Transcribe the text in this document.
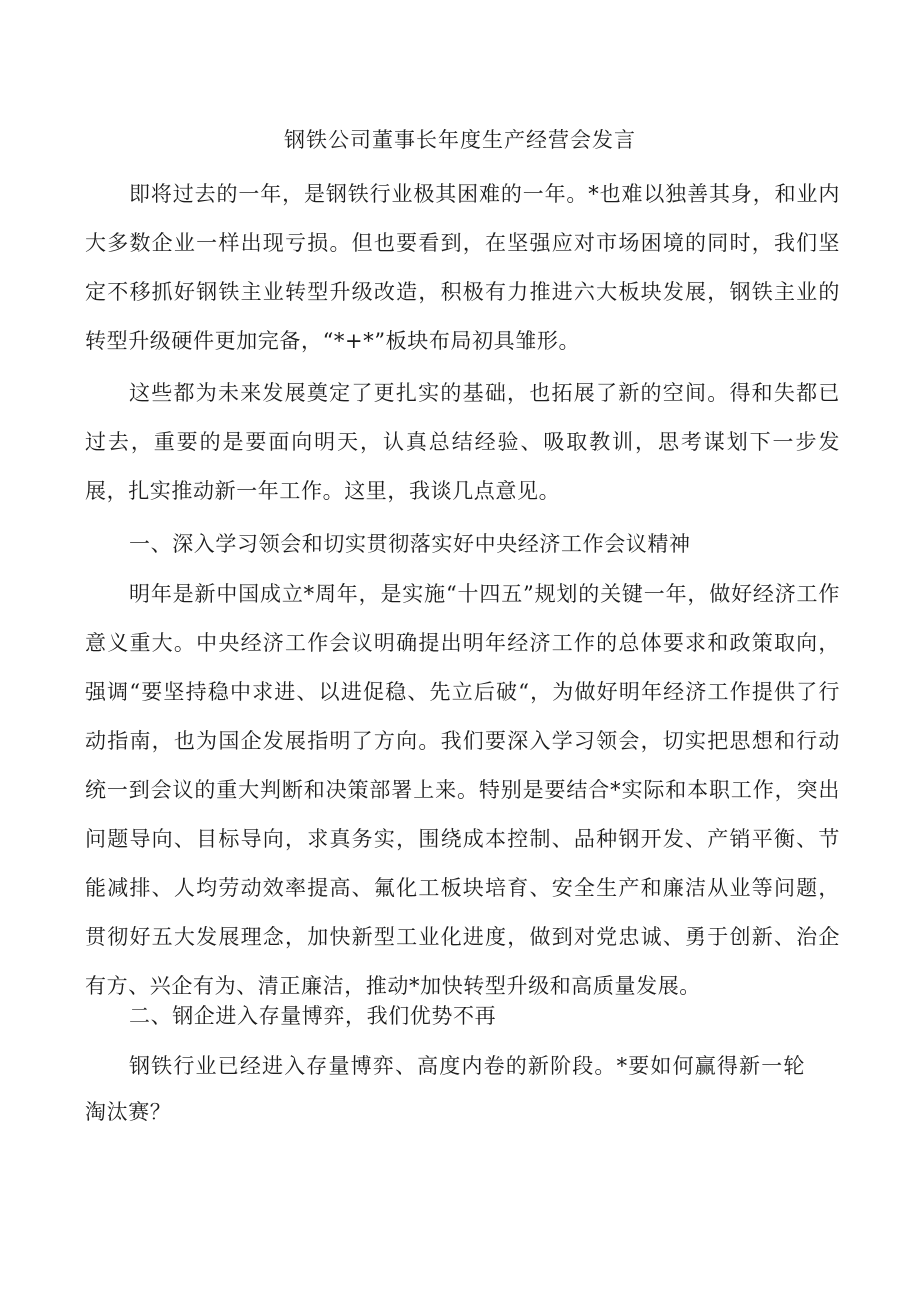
钢铁公司董事长年度生产经营会发言

即将过去的一年，是钢铁行业极其困难的一年。*也难以独善其身，和业内大多数企业一样出现亏损。但也要看到，在坚强应对市场困境的同时，我们坚定不移抓好钢铁主业转型升级改造，积极有力推进六大板块发展，钢铁主业的转型升级硬件更加完备，“*+*”板块布局初具雏形。

这些都为未来发展奠定了更扎实的基础，也拓展了新的空间。得和失都已过去，重要的是要面向明天，认真总结经验、吸取教训，思考谋划下一步发展，扎实推动新一年工作。这里，我谈几点意见。

一、深入学习领会和切实贯彻落实好中央经济工作会议精神

明年是新中国成立*周年，是实施“十四五”规划的关键一年，做好经济工作意义重大。中央经济工作会议明确提出明年经济工作的总体要求和政策取向，强调“要坚持稳中求进、以进促稳、先立后破“，为做好明年经济工作提供了行动指南，也为国企发展指明了方向。我们要深入学习领会，切实把思想和行动统一到会议的重大判断和决策部署上来。特别是要结合*实际和本职工作，突出问题导向、目标导向，求真务实，围绕成本控制、品种钢开发、产销平衡、节能减排、人均劳动效率提高、氟化工板块培育、安全生产和廉洁从业等问题，贯彻好五大发展理念，加快新型工业化进度，做到对党忠诚、勇于创新、治企有方、兴企有为、清正廉洁，推动*加快转型升级和高质量发展。

二、钢企进入存量博弈，我们优势不再

钢铁行业已经进入存量博弈、高度内卷的新阶段。*要如何赢得新一轮淘汰赛？
